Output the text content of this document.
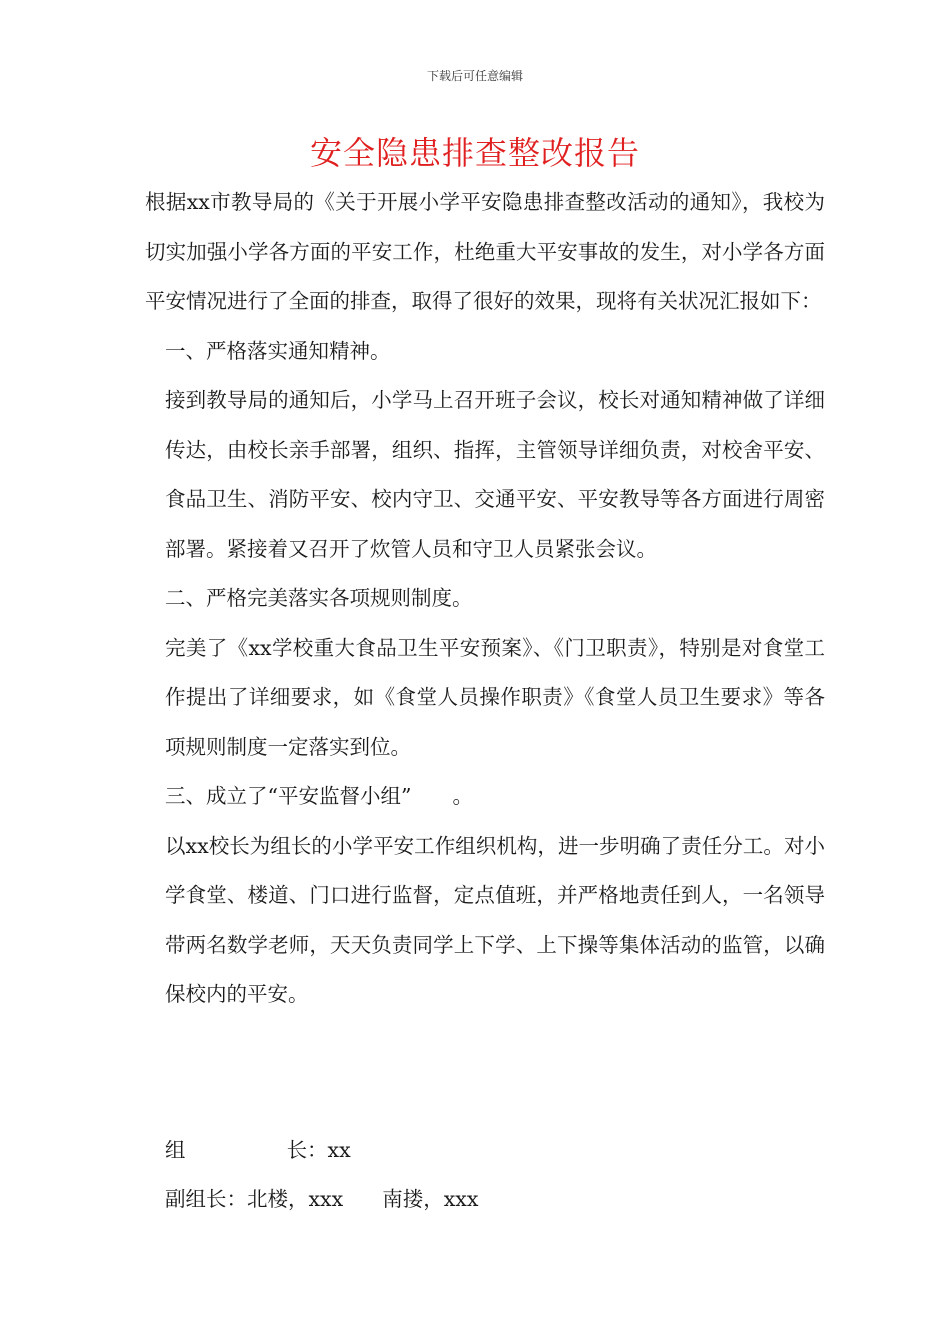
下载后可任意编辑
安全隐患排查整改报告

根据xx市教导局的《关于开展小学平安隐患排查整改活动的通知》，我校为切实加强小学各方面的平安工作，杜绝重大平安事故的发生，对小学各方面平安情况进行了全面的排查，取得了很好的效果，现将有关状况汇报如下：

一、严格落实通知精神。

接到教导局的通知后，小学马上召开班子会议，校长对通知精神做了详细传达，由校长亲手部署，组织、指挥，主管领导详细负责，对校舍平安、食品卫生、消防平安、校内守卫、交通平安、平安教导等各方面进行周密部署。紧接着又召开了炊管人员和守卫人员紧张会议。

二、严格完美落实各项规则制度。

完美了《xx学校重大食品卫生平安预案》、《门卫职责》，特别是对食堂工作提出了详细要求，如《食堂人员操作职责》《食堂人员卫生要求》等各项规则制度一定落实到位。

三、成立了“平安监督小组”　　。

以xx校长为组长的小学平安工作组织机构，进一步明确了责任分工。对小学食堂、楼道、门口进行监督，定点值班，并严格地责任到人，一名领导带两名数学老师，天天负责同学上下学、上下操等集体活动的监管，以确保校内的平安。

组	长：xx
副组长：北楼，xxx 南搂，xxx
